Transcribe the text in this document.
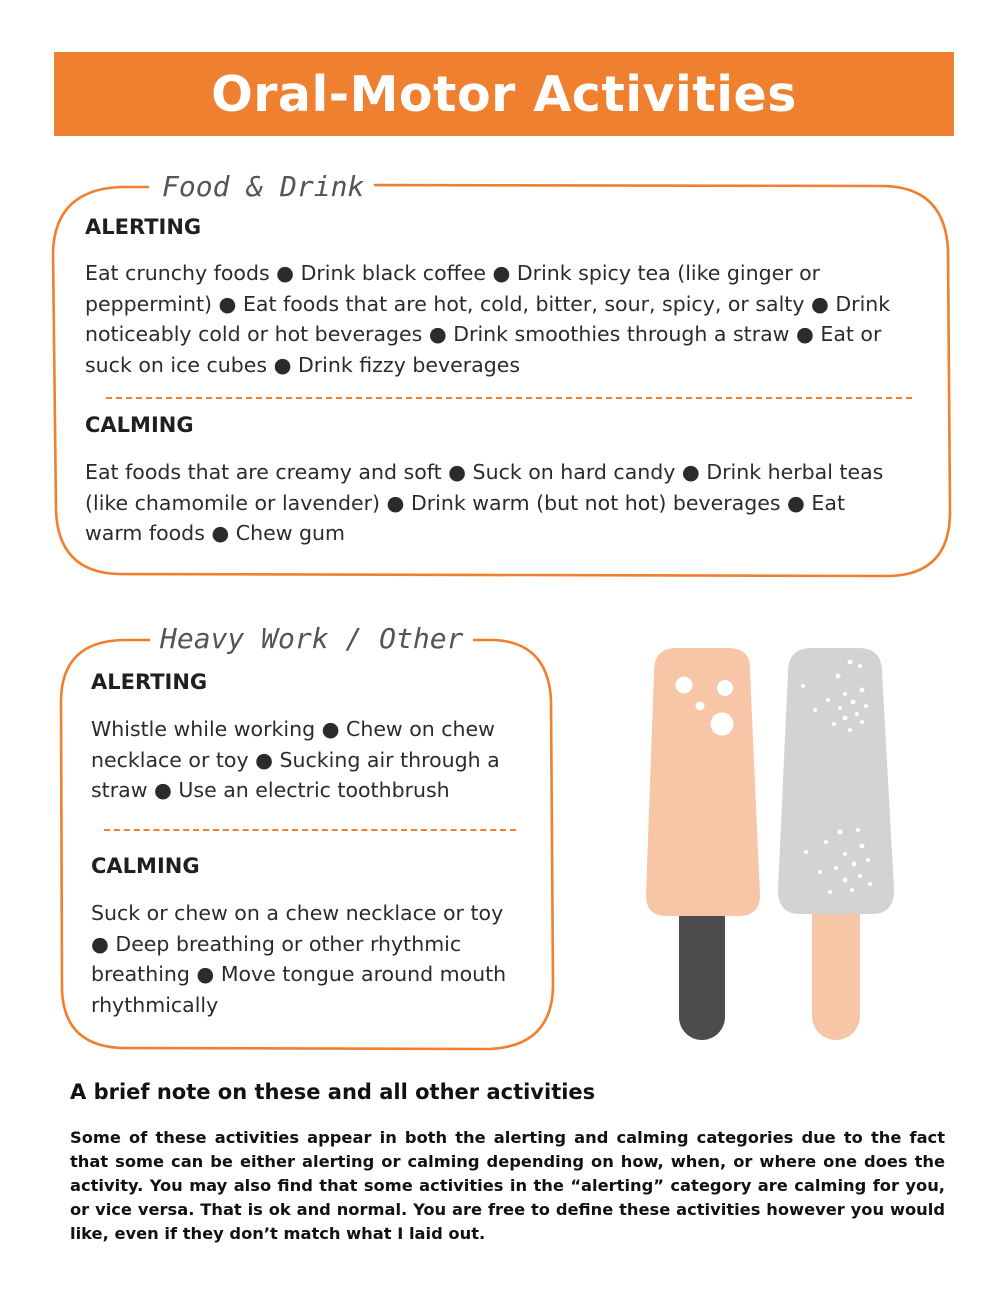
Oral-Motor Activities
Food & Drink
ALERTING
Eat crunchy foods ● Drink black coffee ● Drink spicy tea (like ginger or peppermint) ● Eat foods that are hot, cold, bitter, sour, spicy, or salty ● Drink noticeably cold or hot beverages ● Drink smoothies through a straw ● Eat or suck on ice cubes ● Drink fizzy beverages
CALMING
Eat foods that are creamy and soft ● Suck on hard candy ● Drink herbal teas (like chamomile or lavender) ● Drink warm (but not hot) beverages ● Eat warm foods ● Chew gum
Heavy Work / Other
ALERTING
Whistle while working ● Chew on chew necklace or toy ● Sucking air through a straw ● Use an electric toothbrush
CALMING
Suck or chew on a chew necklace or toy ● Deep breathing or other rhythmic breathing ● Move tongue around mouth rhythmically
A brief note on these and all other activities

Some of these activities appear in both the alerting and calming categories due to the fact that some can be either alerting or calming depending on how, when, or where one does the activity. You may also find that some activities in the “alerting” category are calming for you, or vice versa. That is ok and normal. You are free to define these activities however you would like, even if they don’t match what I laid out.
